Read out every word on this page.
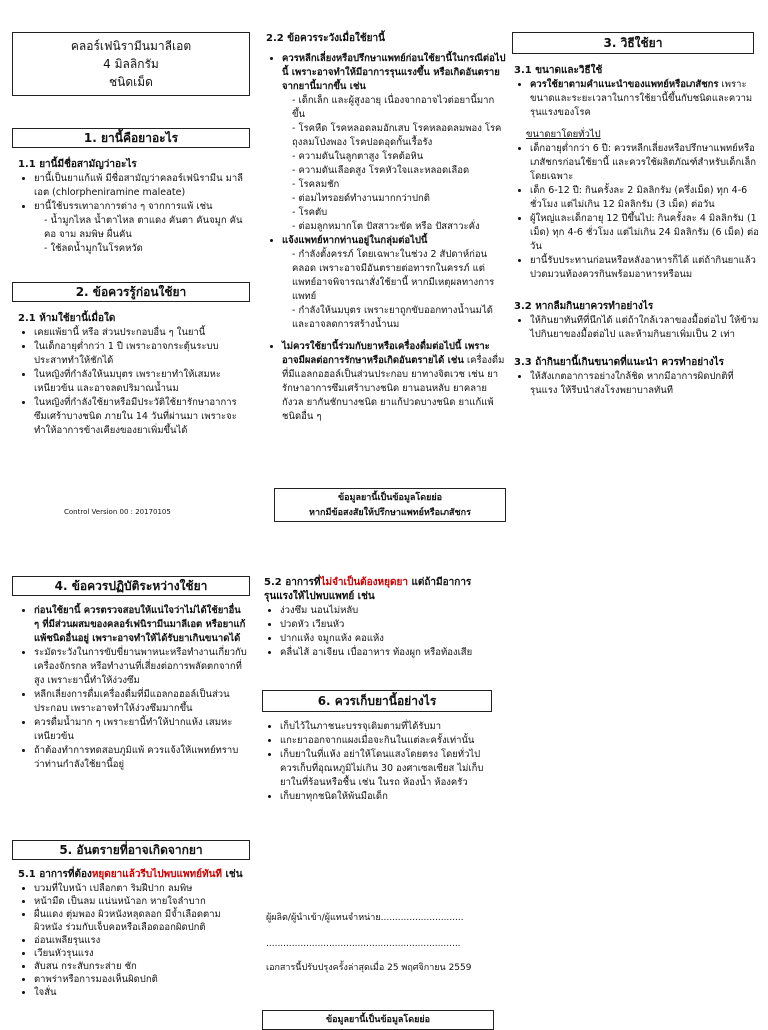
คลอร์เฟนิรามีนมาลีเอต
4 มิลลิกรัม
ชนิดเม็ด
1. ยานี้คือยาอะไร
1.1 ยานี้มีชื่อสามัญว่าอะไร
• ยานี้เป็นยาแก้แพ้ มีชื่อสามัญว่าคลอร์เฟนิรามีน มาลีเอต (chlorpheniramine maleate)
• ยานี้ใช้บรรเทาอาการต่าง ๆ จากการแพ้ เช่น
- น้ำมูกไหล น้ำตาไหล ตาแดง คันตา คันจมูก คันคอ จาม ลมพิษ ผื่นคัน
- ใช้ลดน้ำมูกในโรคหวัด
2. ข้อควรรู้ก่อนใช้ยา
2.1 ห้ามใช้ยานี้เมื่อใด
• เคยแพ้ยานี้ หรือ ส่วนประกอบอื่น ๆ ในยานี้
• ในเด็กอายุต่ำกว่า 1 ปี เพราะอาจกระตุ้นระบบประสาททำให้ชักได้
• ในหญิงที่กำลังให้นมบุตร เพราะยาทำให้เสมหะเหนียวข้น และอาจลดปริมาณน้ำนม
• ในหญิงที่กำลังใช้ยาหรือมีประวัติใช้ยารักษาอาการซึมเศร้าบางชนิด ภายใน 14 วันที่ผ่านมา เพราะจะทำให้อาการข้างเคียงของยาเพิ่มขึ้นได้
Control Version 00 : 20170105
2.2 ข้อควรระวังเมื่อใช้ยานี้
• ควรหลีกเลี่ยงหรือปรึกษาแพทย์ก่อนใช้ยานี้ในกรณีต่อไปนี้ เพราะอาจทำให้มีอาการรุนแรงขึ้น หรือเกิดอันตรายจากยานี้มากขึ้น เช่น
- เด็กเล็ก และผู้สูงอายุ เนื่องจากอาจไวต่อยานี้มากขึ้น
- โรคหืด โรคหลอดลมอักเสบ โรคหลอดลมพอง โรคถุงลมโป่งพอง โรคปอดอุดกั้นเรื้อรัง
- ความดันในลูกตาสูง โรคต้อหิน
- ความดันเลือดสูง โรคหัวใจและหลอดเลือด
- โรคลมชัก
- ต่อมไทรอยด์ทำงานมากกว่าปกติ
- โรคตับ
- ต่อมลูกหมากโต ปัสสาวะขัด หรือ ปัสสาวะคั่ง
• แจ้งแพทย์หากท่านอยู่ในกลุ่มต่อไปนี้
- กำลังตั้งครรภ์ โดยเฉพาะในช่วง 2 สัปดาห์ก่อนคลอด เพราะอาจมีอันตรายต่อทารกในครรภ์ แต่แพทย์อาจพิจารณาสั่งใช้ยานี้ หากมีเหตุผลทางการแพทย์
- กำลังให้นมบุตร เพราะยาถูกขับออกทางน้ำนมได้ และอาจลดการสร้างน้ำนม
• ไม่ควรใช้ยานี้ร่วมกับยาหรือเครื่องดื่มต่อไปนี้ เพราะอาจมีผลต่อการรักษาหรือเกิดอันตรายได้ เช่น เครื่องดื่มที่มีแอลกอฮอล์เป็นส่วนประกอบ ยาทางจิตเวช เช่น ยารักษาอาการซึมเศร้าบางชนิด ยานอนหลับ ยาคลายกังวล ยากันชักบางชนิด ยาแก้ปวดบางชนิด ยาแก้แพ้ชนิดอื่น ๆ
ข้อมูลยานี้เป็นข้อมูลโดยย่อ
หากมีข้อสงสัยให้ปรึกษาแพทย์หรือเภสัชกร
3. วิธีใช้ยา
3.1 ขนาดและวิธีใช้
• ควรใช้ยาตามคำแนะนำของแพทย์หรือเภสัชกร เพราะขนาดและระยะเวลาในการใช้ยานี้ขึ้นกับชนิดและความรุนแรงของโรค
ขนาดยาโดยทั่วไป
• เด็กอายุต่ำกว่า 6 ปี: ควรหลีกเลี่ยงหรือปรึกษาแพทย์หรือเภสัชกรก่อนใช้ยานี้ และควรใช้ผลิตภัณฑ์สำหรับเด็กเล็กโดยเฉพาะ
• เด็ก 6-12 ปี: กินครั้งละ 2 มิลลิกรัม (ครึ่งเม็ด) ทุก 4-6 ชั่วโมง แต่ไม่เกิน 12 มิลลิกรัม (3 เม็ด) ต่อวัน
• ผู้ใหญ่และเด็กอายุ 12 ปีขึ้นไป: กินครั้งละ 4 มิลลิกรัม (1 เม็ด) ทุก 4-6 ชั่วโมง แต่ไม่เกิน 24 มิลลิกรัม (6 เม็ด) ต่อวัน
• ยานี้รับประทานก่อนหรือหลังอาหารก็ได้ แต่ถ้ากินยาแล้วปวดมวนท้องควรกินพร้อมอาหารหรือนม
3.2 หากลืมกินยาควรทำอย่างไร
• ให้กินยาทันทีที่นึกได้ แต่ถ้าใกล้เวลาของมื้อต่อไป ให้ข้ามไปกินยาของมื้อต่อไป และห้ามกินยาเพิ่มเป็น 2 เท่า
3.3 ถ้ากินยานี้เกินขนาดที่แนะนำ ควรทำอย่างไร
• ให้สังเกตอาการอย่างใกล้ชิด หากมีอาการผิดปกติที่รุนแรง ให้รีบนำส่งโรงพยาบาลทันที
4. ข้อควรปฏิบัติระหว่างใช้ยา
• ก่อนใช้ยานี้ ควรตรวจสอบให้แน่ใจว่าไม่ได้ใช้ยาอื่น ๆ ที่มีส่วนผสมของคลอร์เฟนิรามีนมาลีเอต หรือยาแก้แพ้ชนิดอื่นอยู่ เพราะอาจทำให้ได้รับยาเกินขนาดได้
• ระมัดระวังในการขับขี่ยานพาหนะหรือทำงานเกี่ยวกับเครื่องจักรกล หรือทำงานที่เสี่ยงต่อการพลัดตกจากที่สูง เพราะยานี้ทำให้ง่วงซึม
• หลีกเลี่ยงการดื่มเครื่องดื่มที่มีแอลกอฮอล์เป็นส่วนประกอบ เพราะอาจทำให้ง่วงซึมมากขึ้น
• ควรดื่มน้ำมาก ๆ เพราะยานี้ทำให้ปากแห้ง เสมหะเหนียวข้น
• ถ้าต้องทำการทดสอบภูมิแพ้ ควรแจ้งให้แพทย์ทราบว่าท่านกำลังใช้ยานี้อยู่
5. อันตรายที่อาจเกิดจากยา
5.1 อาการที่ต้องหยุดยาแล้วรีบไปพบแพทย์ทันที เช่น
• บวมที่ใบหน้า เปลือกตา ริมฝีปาก ลมพิษ
• หน้ามืด เป็นลม แน่นหน้าอก หายใจลำบาก
• ผื่นแดง ตุ่มพอง ผิวหนังหลุดลอก มีจ้ำเลือดตามผิวหนัง ร่วมกับเจ็บคอหรือเลือดออกผิดปกติ
• อ่อนเพลียรุนแรง
• เวียนหัวรุนแรง
• สับสน กระสับกระส่าย ชัก
• ตาพร่าหรือการมองเห็นผิดปกติ
• ใจสั่น
5.2 อาการที่ไม่จำเป็นต้องหยุดยา แต่ถ้ามีอาการรุนแรงให้ไปพบแพทย์ เช่น
• ง่วงซึม นอนไม่หลับ
• ปวดหัว เวียนหัว
• ปากแห้ง จมูกแห้ง คอแห้ง
• คลื่นไส้ อาเจียน เบื่ออาหาร ท้องผูก หรือท้องเสีย
6. ควรเก็บยานี้อย่างไร
• เก็บไว้ในภาชนะบรรจุเดิมตามที่ได้รับมา
• แกะยาออกจากแผงเมื่อจะกินในแต่ละครั้งเท่านั้น
• เก็บยาในที่แห้ง อย่าให้โดนแสงโดยตรง โดยทั่วไป ควรเก็บที่อุณหภูมิไม่เกิน 30 องศาเซลเซียส ไม่เก็บยาในที่ร้อนหรือชื้น เช่น ในรถ ห้องน้ำ ห้องครัว
• เก็บยาทุกชนิดให้พ้นมือเด็ก
ผู้ผลิต/ผู้นำเข้า/ผู้แทนจำหน่าย.............................
....................................................................
เอกสารนี้ปรับปรุงครั้งล่าสุดเมื่อ 25 พฤศจิกายน 2559
ข้อมูลยานี้เป็นข้อมูลโดยย่อ
